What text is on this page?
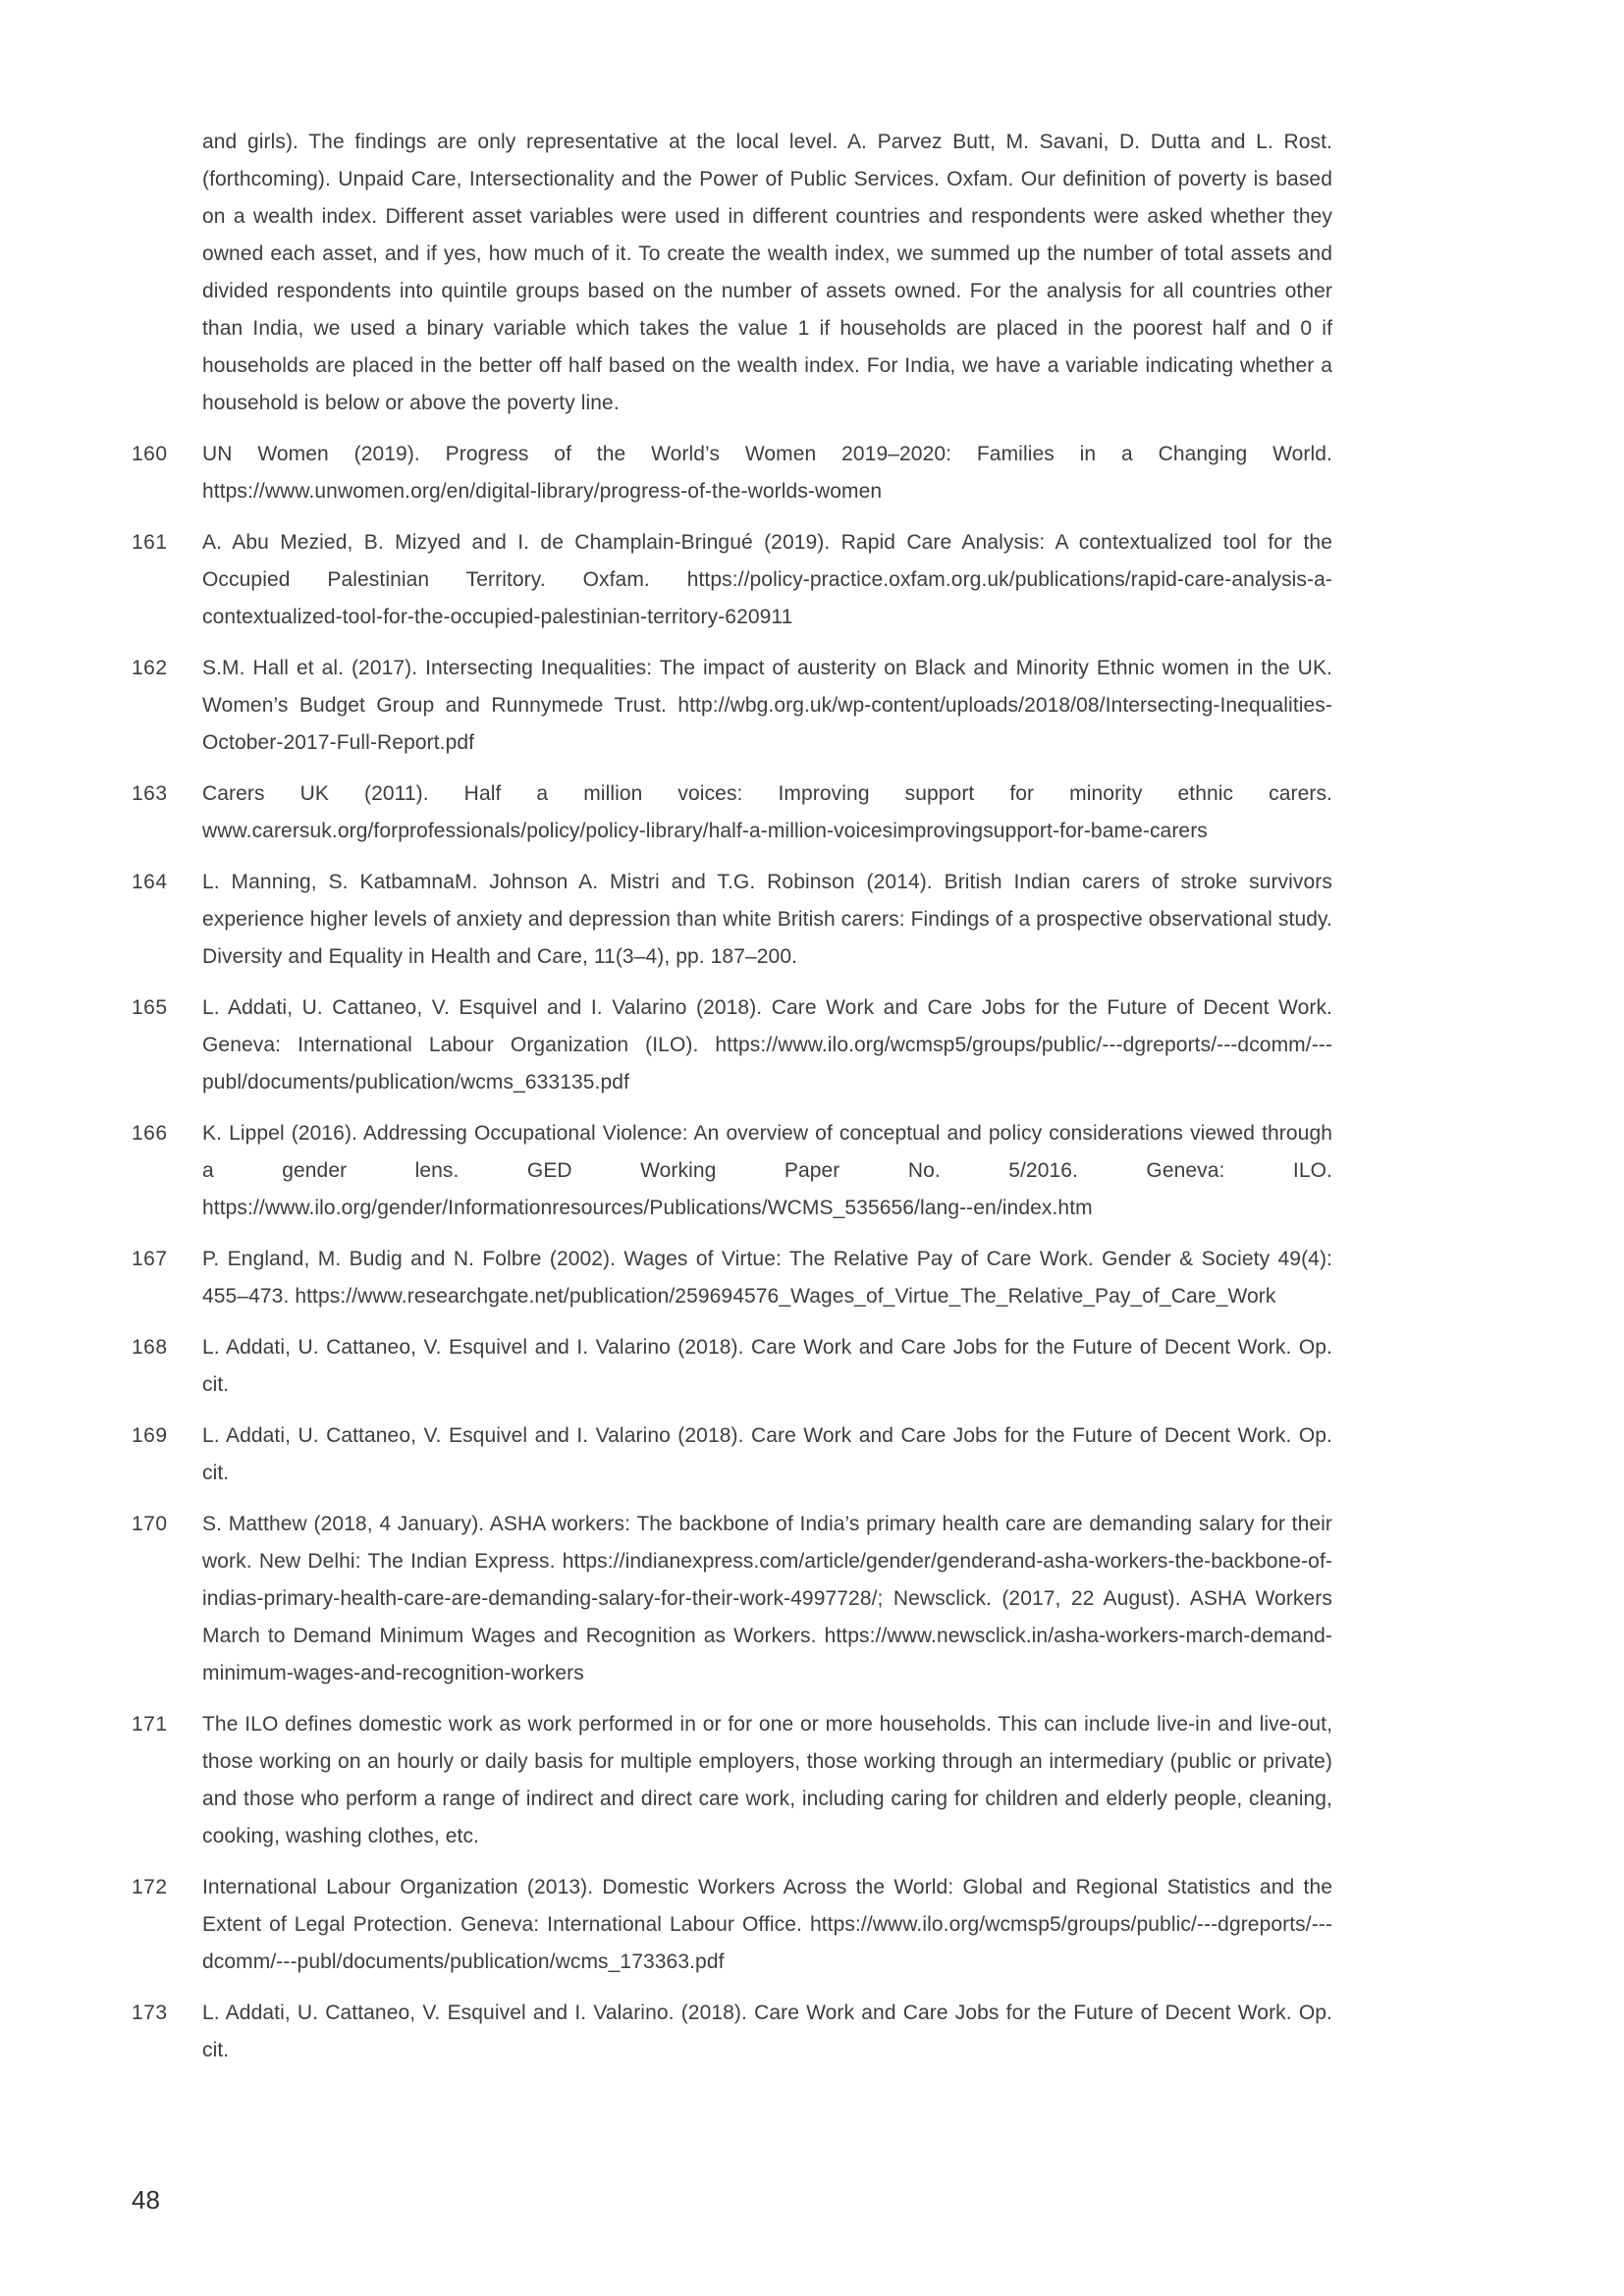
and girls). The findings are only representative at the local level. A. Parvez Butt, M. Savani, D. Dutta and L. Rost. (forthcoming). Unpaid Care, Intersectionality and the Power of Public Services. Oxfam. Our definition of poverty is based on a wealth index. Different asset variables were used in different countries and respondents were asked whether they owned each asset, and if yes, how much of it. To create the wealth index, we summed up the number of total assets and divided respondents into quintile groups based on the number of assets owned. For the analysis for all countries other than India, we used a binary variable which takes the value 1 if households are placed in the poorest half and 0 if households are placed in the better off half based on the wealth index. For India, we have a variable indicating whether a household is below or above the poverty line.

160	UN Women (2019). Progress of the World’s Women 2019–2020: Families in a Changing World. https://www.unwomen.org/en/digital-library/progress-of-the-worlds-women
161	A. Abu Mezied, B. Mizyed and I. de Champlain-Bringué (2019). Rapid Care Analysis: A contextualized tool for the Occupied Palestinian Territory. Oxfam. https://policy-practice.oxfam.org.uk/publications/rapid-care-analysis-a-contextualized-tool-for-the-occupied-palestinian-territory-620911
162	S.M. Hall et al. (2017). Intersecting Inequalities: The impact of austerity on Black and Minority Ethnic women in the UK. Women’s Budget Group and Runnymede Trust. http://wbg.org.uk/wp-content/uploads/2018/08/Intersecting-Inequalities-October-2017-Full-Report.pdf
163	Carers UK (2011). Half a million voices: Improving support for minority ethnic carers. www.carersuk.org/forprofessionals/policy/policy-library/half-a-million-voicesimprovingsupport-for-bame-carers
164	L. Manning, S. KatbamnaM. Johnson A. Mistri and T.G. Robinson (2014). British Indian carers of stroke survivors experience higher levels of anxiety and depression than white British carers: Findings of a prospective observational study. Diversity and Equality in Health and Care, 11(3–4), pp. 187–200.
165	L. Addati, U. Cattaneo, V. Esquivel and I. Valarino (2018). Care Work and Care Jobs for the Future of Decent Work. Geneva: International Labour Organization (ILO). https://www.ilo.org/wcmsp5/groups/public/---dgreports/---dcomm/---publ/documents/publication/wcms_633135.pdf
166	K. Lippel (2016). Addressing Occupational Violence: An overview of conceptual and policy considerations viewed through a gender lens. GED Working Paper No. 5/2016. Geneva: ILO. https://www.ilo.org/gender/Informationresources/Publications/WCMS_535656/lang--en/index.htm
167	P. England, M. Budig and N. Folbre (2002). Wages of Virtue: The Relative Pay of Care Work. Gender & Society 49(4): 455–473. https://www.researchgate.net/publication/259694576_Wages_of_Virtue_The_Relative_Pay_of_Care_Work
168	L. Addati, U. Cattaneo, V. Esquivel and I. Valarino (2018). Care Work and Care Jobs for the Future of Decent Work. Op. cit.
169	L. Addati, U. Cattaneo, V. Esquivel and I. Valarino (2018). Care Work and Care Jobs for the Future of Decent Work. Op. cit.
170	S. Matthew (2018, 4 January). ASHA workers: The backbone of India’s primary health care are demanding salary for their work. New Delhi: The Indian Express. https://indianexpress.com/article/gender/genderand-asha-workers-the-backbone-of-indias-primary-health-care-are-demanding-salary-for-their-work-4997728/; Newsclick. (2017, 22 August). ASHA Workers March to Demand Minimum Wages and Recognition as Workers. https://www.newsclick.in/asha-workers-march-demand-minimum-wages-and-recognition-workers
171	The ILO defines domestic work as work performed in or for one or more households. This can include live-in and live-out, those working on an hourly or daily basis for multiple employers, those working through an intermediary (public or private) and those who perform a range of indirect and direct care work, including caring for children and elderly people, cleaning, cooking, washing clothes, etc.
172	International Labour Organization (2013). Domestic Workers Across the World: Global and Regional Statistics and the Extent of Legal Protection. Geneva: International Labour Office. https://www.ilo.org/wcmsp5/groups/public/---dgreports/---dcomm/---publ/documents/publication/wcms_173363.pdf
173	L. Addati, U. Cattaneo, V. Esquivel and I. Valarino. (2018). Care Work and Care Jobs for the Future of Decent Work. Op. cit.
48
